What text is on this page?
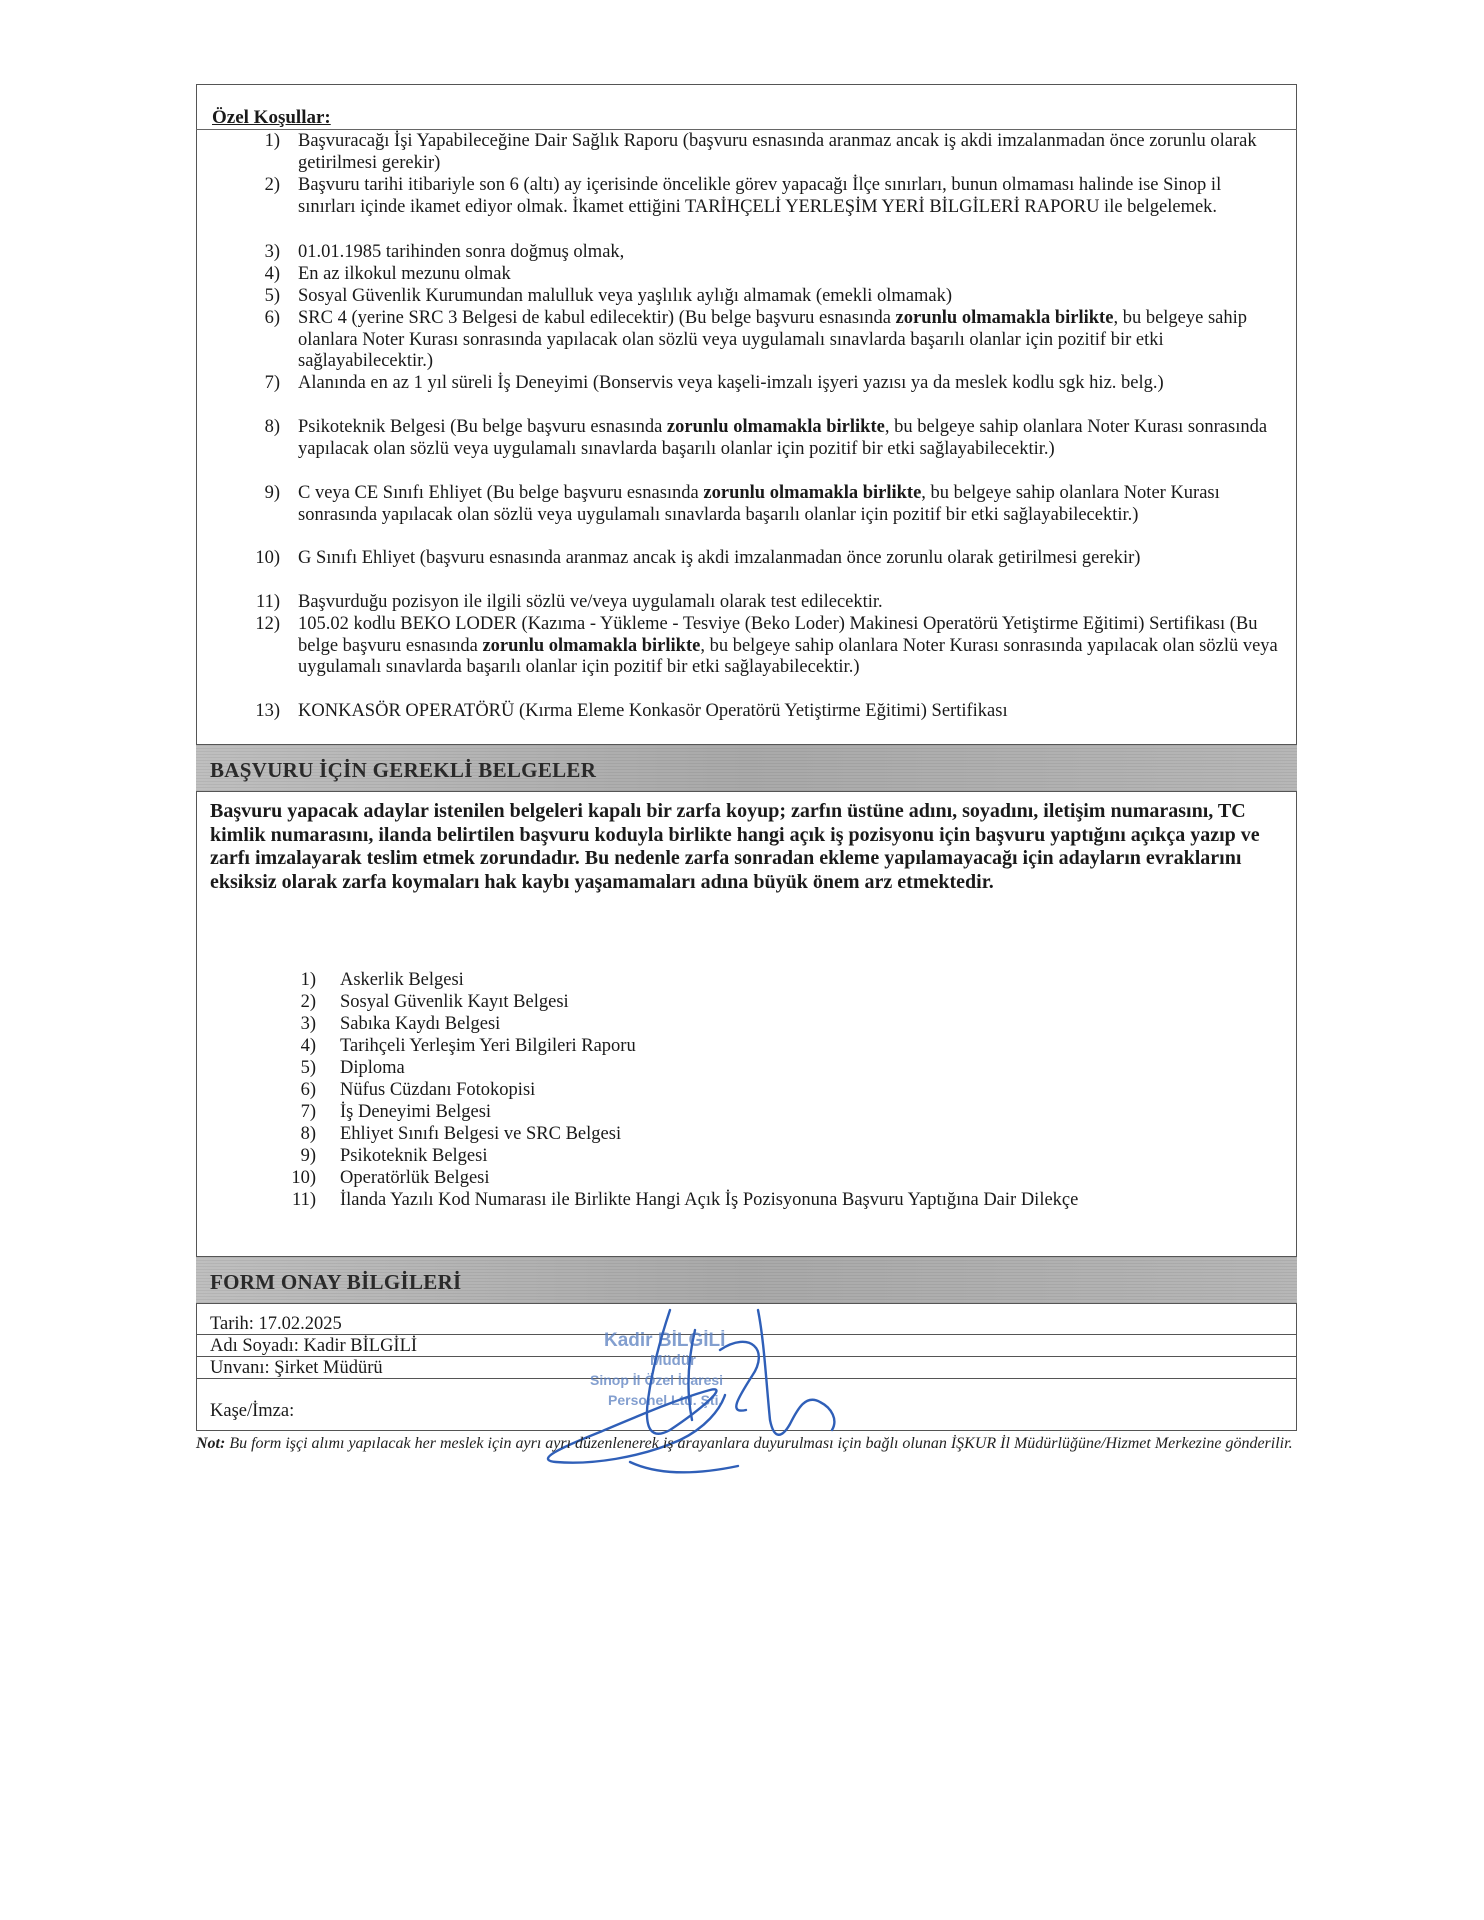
Özel Koşullar:
1) Başvuracağı İşi Yapabileceğine Dair Sağlık Raporu (başvuru esnasında aranmaz ancak iş akdi imzalanmadan önce zorunlu olarak getirilmesi gerekir)
2) Başvuru tarihi itibariyle son 6 (altı) ay içerisinde öncelikle görev yapacağı İlçe sınırları, bunun olmaması halinde ise Sinop il sınırları içinde ikamet ediyor olmak. İkamet ettiğini TARİHÇELİ YERLEŞİM YERİ BİLGİLERİ RAPORU ile belgelemek.
3) 01.01.1985 tarihinden sonra doğmuş olmak,
4) En az ilkokul mezunu olmak
5) Sosyal Güvenlik Kurumundan malulluk veya yaşlılık aylığı almamak (emekli olmamak)
6) SRC 4 (yerine SRC 3 Belgesi de kabul edilecektir) (Bu belge başvuru esnasında zorunlu olmamakla birlikte, bu belgeye sahip olanlara Noter Kurası sonrasında yapılacak olan sözlü veya uygulamalı sınavlarda başarılı olanlar için pozitif bir etki sağlayabilecektir.)
7) Alanında en az 1 yıl süreli İş Deneyimi (Bonservis veya kaşeli-imzalı işyeri yazısı ya da meslek kodlu sgk hiz. belg.)
8) Psikoteknik Belgesi (Bu belge başvuru esnasında zorunlu olmamakla birlikte, bu belgeye sahip olanlara Noter Kurası sonrasında yapılacak olan sözlü veya uygulamalı sınavlarda başarılı olanlar için pozitif bir etki sağlayabilecektir.)
9) C veya CE Sınıfı Ehliyet (Bu belge başvuru esnasında zorunlu olmamakla birlikte, bu belgeye sahip olanlara Noter Kurası sonrasında yapılacak olan sözlü veya uygulamalı sınavlarda başarılı olanlar için pozitif bir etki sağlayabilecektir.)
10) G Sınıfı Ehliyet (başvuru esnasında aranmaz ancak iş akdi imzalanmadan önce zorunlu olarak getirilmesi gerekir)
11) Başvurduğu pozisyon ile ilgili sözlü ve/veya uygulamalı olarak test edilecektir.
12) 105.02 kodlu BEKO LODER (Kazıma - Yükleme - Tesviye (Beko Loder) Makinesi Operatörü Yetiştirme Eğitimi) Sertifikası (Bu belge başvuru esnasında zorunlu olmamakla birlikte, bu belgeye sahip olanlara Noter Kurası sonrasında yapılacak olan sözlü veya uygulamalı sınavlarda başarılı olanlar için pozitif bir etki sağlayabilecektir.)
13) KONKASÖR OPERATÖRÜ (Kırma Eleme Konkasör Operatörü Yetiştirme Eğitimi) Sertifikası
BAŞVURU İÇİN GEREKLİ BELGELER
Başvuru yapacak adaylar istenilen belgeleri kapalı bir zarfa koyup; zarfın üstüne adını, soyadını, iletişim numarasını, TC kimlik numarasını, ilanda belirtilen başvuru koduyla birlikte hangi açık iş pozisyonu için başvuru yaptığını açıkça yazıp ve zarfı imzalayarak teslim etmek zorundadır. Bu nedenle zarfa sonradan ekleme yapılamayacağı için adayların evraklarını eksiksiz olarak zarfa koymaları hak kaybı yaşamamaları adına büyük önem arz etmektedir.
1) Askerlik Belgesi
2) Sosyal Güvenlik Kayıt Belgesi
3) Sabıka Kaydı Belgesi
4) Tarihçeli Yerleşim Yeri Bilgileri Raporu
5) Diploma
6) Nüfus Cüzdanı Fotokopisi
7) İş Deneyimi Belgesi
8) Ehliyet Sınıfı Belgesi ve SRC Belgesi
9) Psikoteknik Belgesi
10) Operatörlük Belgesi
11) İlanda Yazılı Kod Numarası ile Birlikte Hangi Açık İş Pozisyonuna Başvuru Yaptığına Dair Dilekçe
FORM ONAY BİLGİLERİ
Tarih: 17.02.2025
Adı Soyadı: Kadir BİLGİLİ
Unvanı: Şirket Müdürü
Kaşe/İmza:
Kadir BİLGİLİ
Müdür
Sinop İl Özel İdaresi
Personel Ltd. Şti.
Not: Bu form işçi alımı yapılacak her meslek için ayrı ayrı düzenlenerek iş arayanlara duyurulması için bağlı olunan İŞKUR İl Müdürlüğüne/Hizmet Merkezine gönderilir.
